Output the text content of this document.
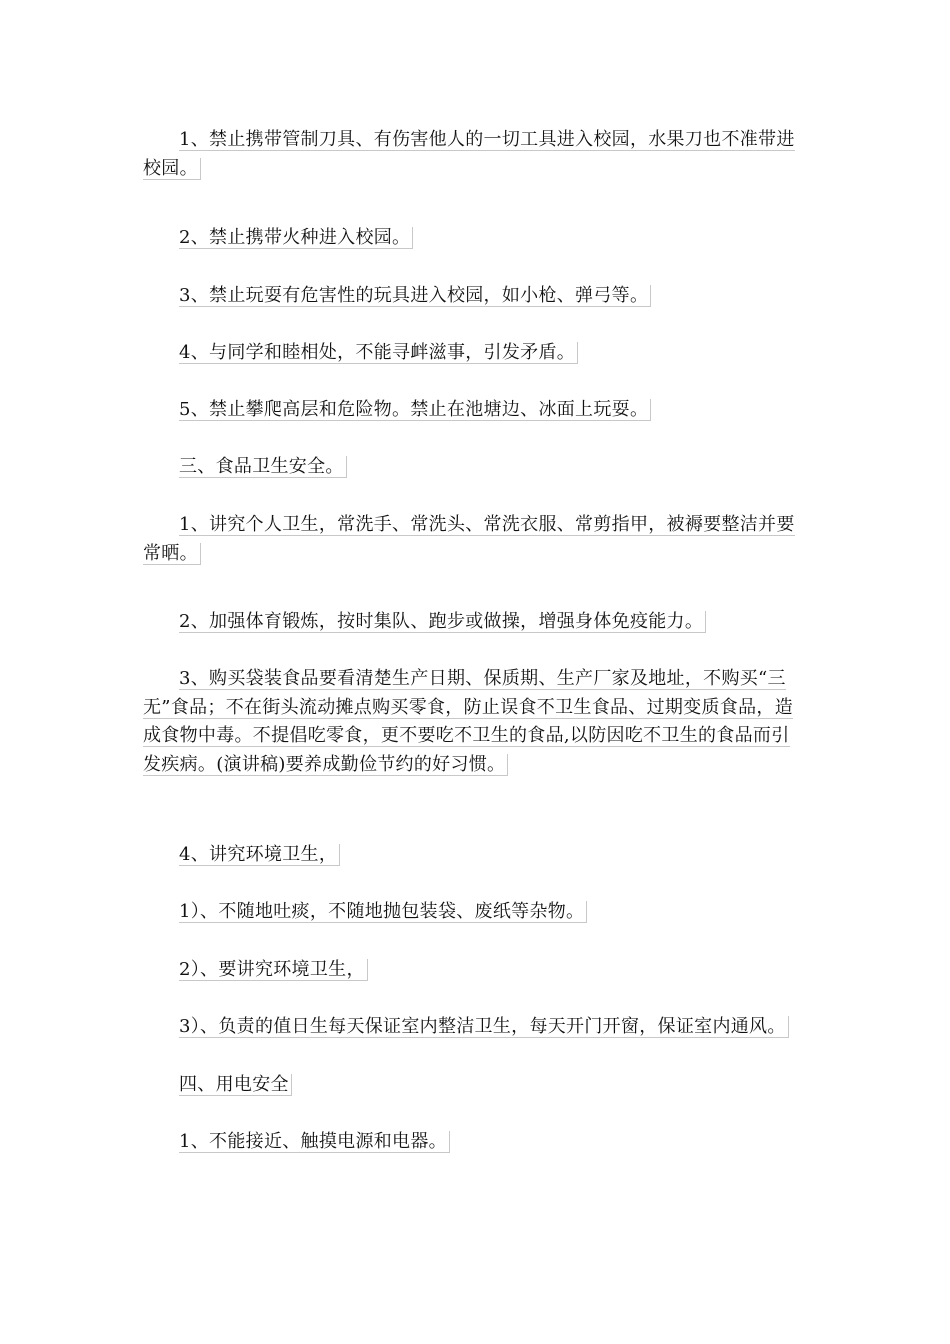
1、禁止携带管制刀具、有伤害他人的一切工具进入校园，水果刀也不准带进校园。

2、禁止携带火种进入校园。

3、禁止玩耍有危害性的玩具进入校园，如小枪、弹弓等。

4、与同学和睦相处，不能寻衅滋事，引发矛盾。

5、禁止攀爬高层和危险物。禁止在池塘边、冰面上玩耍。

三、食品卫生安全。

1、讲究个人卫生，常洗手、常洗头、常洗衣服、常剪指甲，被褥要整洁并要常晒。

2、加强体育锻炼，按时集队、跑步或做操，增强身体免疫能力。

3、购买袋装食品要看清楚生产日期、保质期、生产厂家及地址，不购买“三无”食品；不在街头流动摊点购买零食，防止误食不卫生食品、过期变质食品，造成食物中毒。不提倡吃零食，更不要吃不卫生的食品,以防因吃不卫生的食品而引发疾病。(演讲稿)要养成勤俭节约的好习惯。

4、讲究环境卫生，

1）、不随地吐痰，不随地抛包装袋、废纸等杂物。

2）、要讲究环境卫生，

3）、负责的值日生每天保证室内整洁卫生，每天开门开窗，保证室内通风。

四、用电安全

1、不能接近、触摸电源和电器。
